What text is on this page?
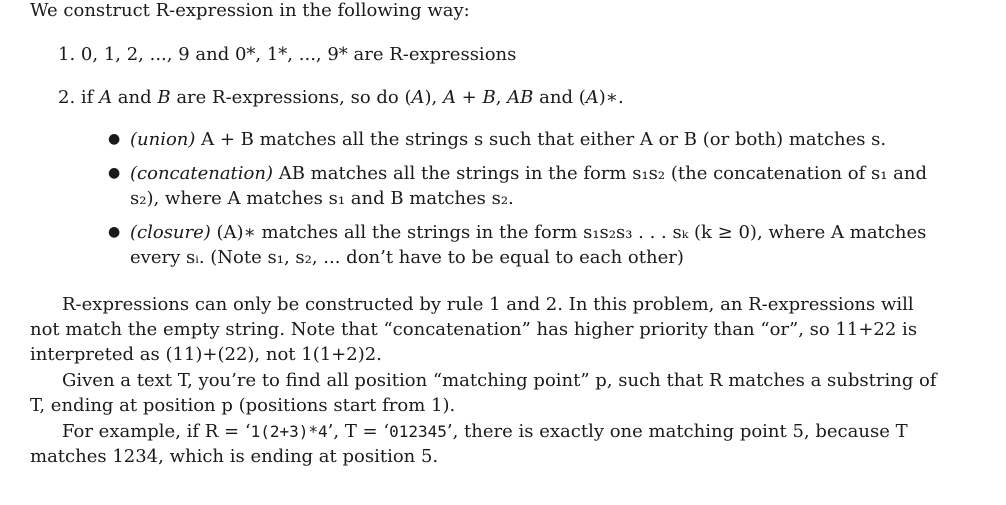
We construct R-expression in the following way:
1. 0, 1, 2, ..., 9 and 0*, 1*, ..., 9* are R-expressions
2. if A and B are R-expressions, so do (A), A + B, AB and (A)∗.
● (union) A + B matches all the strings s such that either A or B (or both) matches s.
● (concatenation) AB matches all the strings in the form s₁s₂ (the concatenation of s₁ and
s₂), where A matches s₁ and B matches s₂.
● (closure) (A)∗ matches all the strings in the form s₁s₂s₃ . . . sₖ (k ≥ 0), where A matches
every sᵢ. (Note s₁, s₂, ... don’t have to be equal to each other)
R-expressions can only be constructed by rule 1 and 2. In this problem, an R-expressions will
not match the empty string. Note that “concatenation” has higher priority than “or”, so 11+22 is
interpreted as (11)+(22), not 1(1+2)2.
Given a text T, you’re to find all position “matching point” p, such that R matches a substring of
T, ending at position p (positions start from 1).
For example, if R = ‘1(2+3)*4’, T = ‘012345’, there is exactly one matching point 5, because T
matches 1234, which is ending at position 5.
